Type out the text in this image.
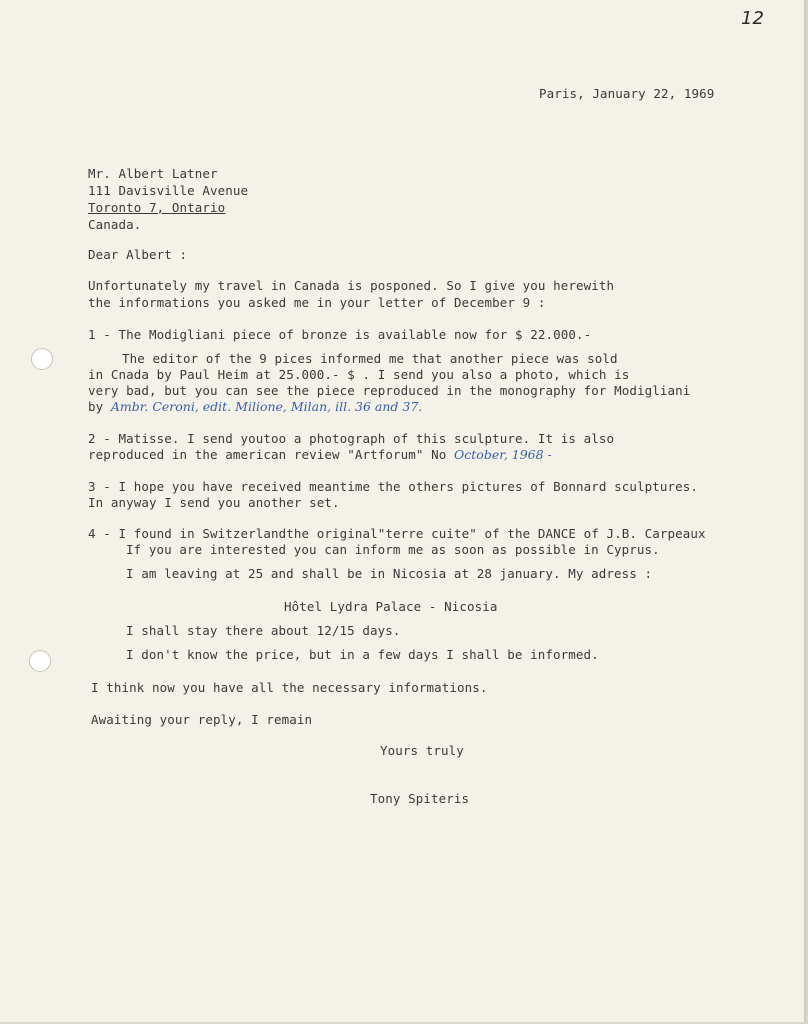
12
Paris, January 22, 1969
Mr. Albert Latner
111 Davisville Avenue
Toronto 7, Ontario
Canada.
Dear Albert :
Unfortunately my travel in Canada is posponed. So I give you herewith
the informations you asked me in your letter of December 9 :
1 - The Modigliani piece of bronze is available now for $ 22.000.-
The editor of the 9 pices informed me that another piece was sold
in Cnada by Paul Heim at 25.000.- $ . I send you also a photo, which is
very bad, but you can see the piece reproduced in the monography for Modigliani
by Ambr. Ceroni, edit. Milione, Milan, ill. 36 and 37.
2 - Matisse. I send youtoo a photograph of this sculpture. It is also
reproduced in the american review "Artforum" No October, 1968 -
3 - I hope you have received meantime the others pictures of Bonnard sculptures.
In anyway I send you another set.
4 - I found in Switzerlandthe original"terre cuite" of the DANCE of J.B. Carpeaux
If you are interested you can inform me as soon as possible in Cyprus.
I am leaving at 25 and shall be in Nicosia at 28 january. My adress :
Hôtel Lydra Palace - Nicosia
I shall stay there about 12/15 days.
I don't know the price, but in a few days I shall be informed.
I think now you have all the necessary informations.
Awaiting your reply, I remain
Yours truly
Tony Spiteris
